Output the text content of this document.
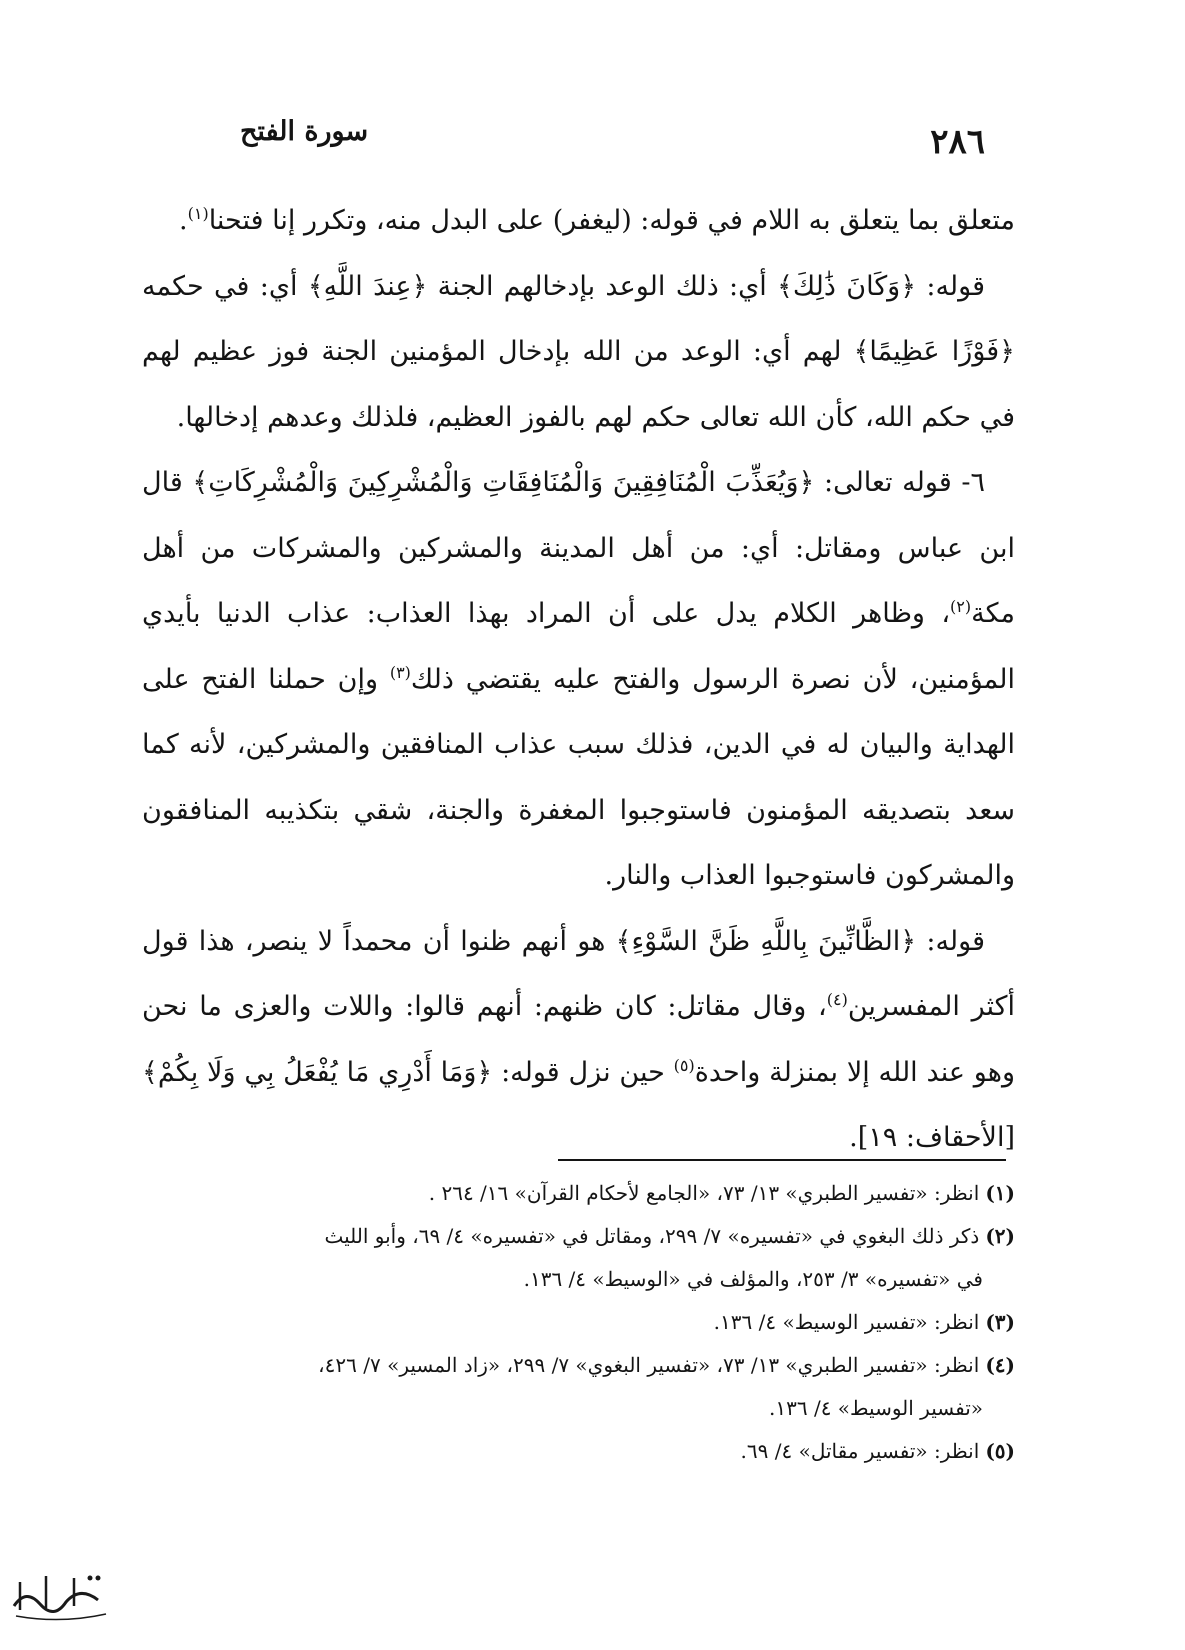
٢٨٦
سورة الفتح

متعلق بما يتعلق به اللام في قوله: (ليغفر) على البدل منه، وتكرر إنا فتحنا$^{(١)}$.

قوله: ﴿وَكَانَ ذَٰلِكَ﴾ أي: ذلك الوعد بإدخالهم الجنة ﴿عِندَ اللَّهِ﴾ أي: في حكمه ﴿فَوْزًا عَظِيمًا﴾ لهم أي: الوعد من الله بإدخال المؤمنين الجنة فوز عظيم لهم في حكم الله، كأن الله تعالى حكم لهم بالفوز العظيم، فلذلك وعدهم إدخالها.

٦- قوله تعالى: ﴿وَيُعَذِّبَ الْمُنَافِقِينَ وَالْمُنَافِقَاتِ وَالْمُشْرِكِينَ وَالْمُشْرِكَاتِ﴾ قال ابن عباس ومقاتل: أي: من أهل المدينة والمشركين والمشركات من أهل مكة$^{(٢)}$، وظاهر الكلام يدل على أن المراد بهذا العذاب: عذاب الدنيا بأيدي المؤمنين، لأن نصرة الرسول والفتح عليه يقتضي ذلك$^{(٣)}$ وإن حملنا الفتح على الهداية والبيان له في الدين، فذلك سبب عذاب المنافقين والمشركين، لأنه كما سعد بتصديقه المؤمنون فاستوجبوا المغفرة والجنة، شقي بتكذيبه المنافقون والمشركون فاستوجبوا العذاب والنار.

قوله: ﴿الظَّانِّينَ بِاللَّهِ ظَنَّ السَّوْءِ﴾ هو أنهم ظنوا أن محمداً لا ينصر، هذا قول أكثر المفسرين$^{(٤)}$، وقال مقاتل: كان ظنهم: أنهم قالوا: واللات والعزى ما نحن وهو عند الله إلا بمنزلة واحدة$^{(٥)}$ حين نزل قوله: ﴿وَمَا أَدْرِي مَا يُفْعَلُ بِي وَلَا بِكُمْ﴾ [الأحقاف: ١٩].

(١)انظر: «تفسير الطبري» ١٣/ ٧٣، «الجامع لأحكام القرآن» ١٦/ ٢٦٤ .

(٢)ذكر ذلك البغوي في «تفسيره» ٧/ ٢٩٩، ومقاتل في «تفسيره» ٤/ ٦٩، وأبو الليث

في «تفسيره» ٣/ ٢٥٣، والمؤلف في «الوسيط» ٤/ ١٣٦.

(٣)انظر: «تفسير الوسيط» ٤/ ١٣٦.

(٤)انظر: «تفسير الطبري» ١٣/ ٧٣، «تفسير البغوي» ٧/ ٢٩٩، «زاد المسير» ٧/ ٤٢٦،

«تفسير الوسيط» ٤/ ١٣٦.

(٥)انظر: «تفسير مقاتل» ٤/ ٦٩.
